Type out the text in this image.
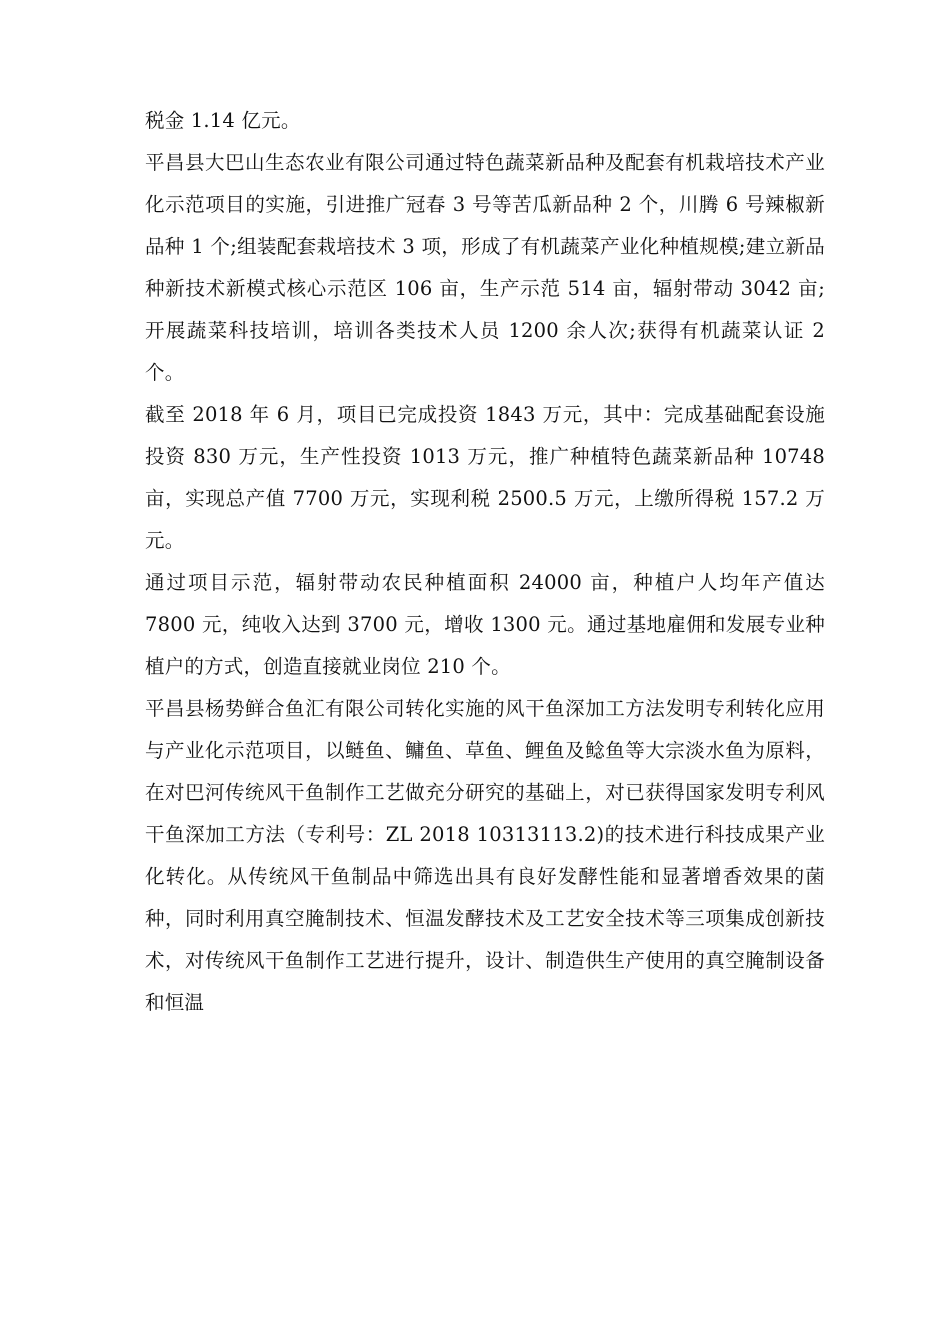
税金 1.14 亿元。

平昌县大巴山生态农业有限公司通过特色蔬菜新品种及配套有机栽培技术产业化示范项目的实施，引进推广冠春 3 号等苦瓜新品种 2 个，川腾 6 号辣椒新品种 1 个;组装配套栽培技术 3 项，形成了有机蔬菜产业化种植规模;建立新品种新技术新模式核心示范区 106 亩，生产示范 514 亩，辐射带动 3042 亩;开展蔬菜科技培训，培训各类技术人员 1200 余人次;获得有机蔬菜认证 2 个。

截至 2018 年 6 月，项目已完成投资 1843 万元，其中：完成基础配套设施投资 830 万元，生产性投资 1013 万元，推广种植特色蔬菜新品种 10748 亩，实现总产值 7700 万元，实现利税 2500.5 万元，上缴所得税 157.2 万元。

通过项目示范，辐射带动农民种植面积 24000 亩，种植户人均年产值达 7800 元，纯收入达到 3700 元，增收 1300 元。通过基地雇佣和发展专业种植户的方式，创造直接就业岗位 210 个。

平昌县杨势鲜合鱼汇有限公司转化实施的风干鱼深加工方法发明专利转化应用与产业化示范项目，以鲢鱼、鳙鱼、草鱼、鲤鱼及鲶鱼等大宗淡水鱼为原料，在对巴河传统风干鱼制作工艺做充分研究的基础上，对已获得国家发明专利风干鱼深加工方法（专利号：ZL 2018 10313113.2)的技术进行科技成果产业化转化。从传统风干鱼制品中筛选出具有良好发酵性能和显著增香效果的菌种，同时利用真空腌制技术、恒温发酵技术及工艺安全技术等三项集成创新技术，对传统风干鱼制作工艺进行提升，设计、制造供生产使用的真空腌制设备和恒温
